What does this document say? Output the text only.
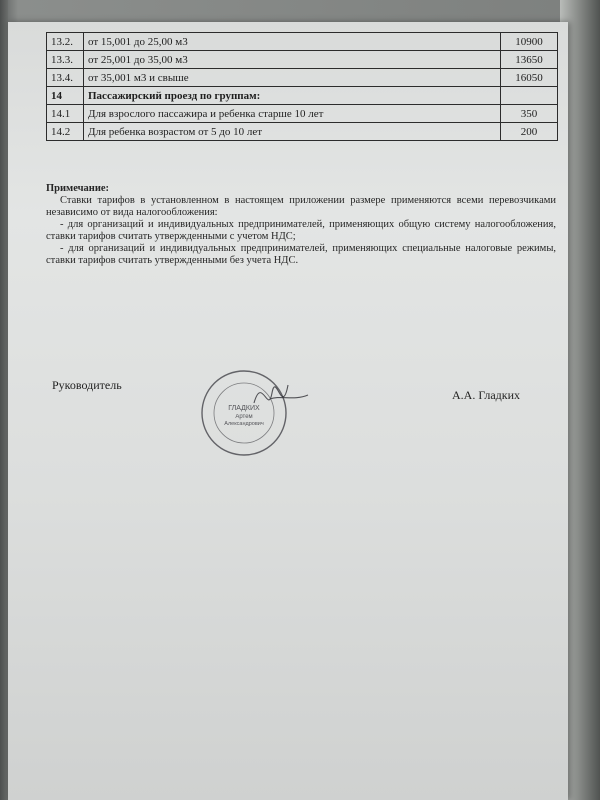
13.2.	от 15,001 до 25,00 м3	10900
13.3.	от 25,001 до 35,00 м3	13650
13.4.	от 35,001 м3 и свыше	16050
14	Пассажирский проезд по группам:	
14.1	Для взрослого пассажира и ребенка старше 10 лет	350
14.2	Для ребенка возрастом от 5 до 10 лет	200
Примечание:

Ставки тарифов в установленном в настоящем приложении размере применяются всеми перевозчиками независимо от вида налогообложения:

- для организаций и индивидуальных предпринимателей, применяющих общую систему налогообложения, ставки тарифов считать утвержденными с учетом НДС;

- для организаций и индивидуальных предпринимателей, применяющих специальные налоговые режимы, ставки тарифов считать утвержденными без учета НДС.

Руководитель
А.А. Гладких
ГЛАДКИХ
Артем
Александрович
